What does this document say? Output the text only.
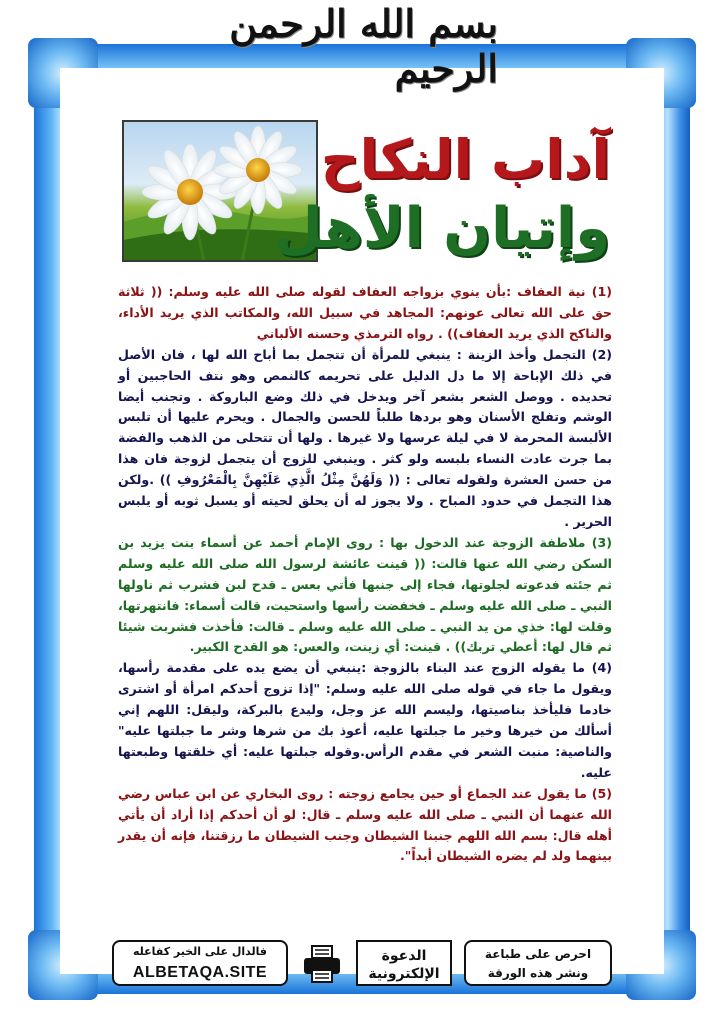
بسم الله الرحمن الرحيم
آداب النكاح
وإتيان الأهل

(1) نية العفاف :بأن ينوي بزواجه العفاف لقوله صلى الله عليه وسلم: (( ثلاثة حق على الله تعالى عونهم: المجاهد في سبيل الله، والمكاتب الذي يريد الأداء، والناكح الذي يريد العفاف)) . رواه الترمذي وحسنه الألباني

(2) التجمل وأخذ الزينة : ينبغي للمرأة أن تتجمل بما أباح الله لها ، فان الأصل في ذلك الإباحة إلا ما دل الدليل على تحريمه كالنمص وهو نتف الحاجبين أو تحديده . ووصل الشعر بشعر آخر ويدخل في ذلك وضع الباروكة . وتجنب أيضا الوشم وتفلج الأسنان وهو بردها طلباً للحسن والجمال . ويحرم عليها أن تلبس الألبسة المحرمة لا في ليلة عرسها ولا غيرها . ولها أن تتحلى من الذهب والفضة بما جرت عادت النساء بلبسه ولو كثر . وينبغي للزوج أن يتجمل لزوجة فان هذا من حسن العشرة ولقوله تعالى : (( وَلَهُنَّ مِثْلُ الَّذِي عَلَيْهِنَّ بِالْمَعْرُوفِ )) .ولكن هذا التجمل في حدود المباح . ولا يجوز له أن يحلق لحيته أو يسبل ثوبه أو يلبس الحرير .

(3) ملاطفة الزوجة عند الدخول بها : روى الإمام أحمد عن أسماء بنت يزيد بن السكن رضي الله عنها قالت: (( قينت عائشة لرسول الله صلى الله عليه وسلم ثم جئته فدعوته لجلوتها، فجاء إلى جنبها فأتي بعس ـ قدح لبن فشرب ثم ناولها النبي ـ صلى الله عليه وسلم ـ فخفضت رأسها واستحيت، قالت أسماء: فانتهرتها، وقلت لها: خذي من يد النبي ـ صلى الله عليه وسلم ـ قالت: فأخذت فشربت شيئا ثم قال لها: أعطي تربك)) . قينت: أي زينت، والعس: هو القدح الكبير.

(4) ما يقوله الزوج عند البناء بالزوجة :ينبغي أن يضع يده على مقدمة رأسها، ويقول ما جاء في قوله صلى الله عليه وسلم: "إذا تزوج أحدكم امرأة أو اشترى خادما فليأخذ بناصيتها، وليسم الله عز وجل، وليدع بالبركة، وليقل: اللهم إني أسألك من خيرها وخير ما جبلتها عليه، أعوذ بك من شرها وشر ما جبلتها عليه" والناصية: منبت الشعر في مقدم الرأس.وقوله جبلتها عليه: أي خلقتها وطبعتها عليه.

(5) ما يقول عند الجماع أو حين يجامع زوجته : روى البخاري عن ابن عباس رضي الله عنهما أن النبي ـ صلى الله عليه وسلم ـ قال: لو أن أحدكم إذا أراد أن يأتي أهله قال: بسم الله اللهم جنبنا الشيطان وجنب الشيطان ما رزقتنا، فإنه أن يقدر بينهما ولد لم يضره الشيطان أبداً".

فالدال على الخير كفاعله
ALBETAQA.SITE
الدعوة
الإلكترونية
احرص على طباعة
ونشر هذه الورقة
